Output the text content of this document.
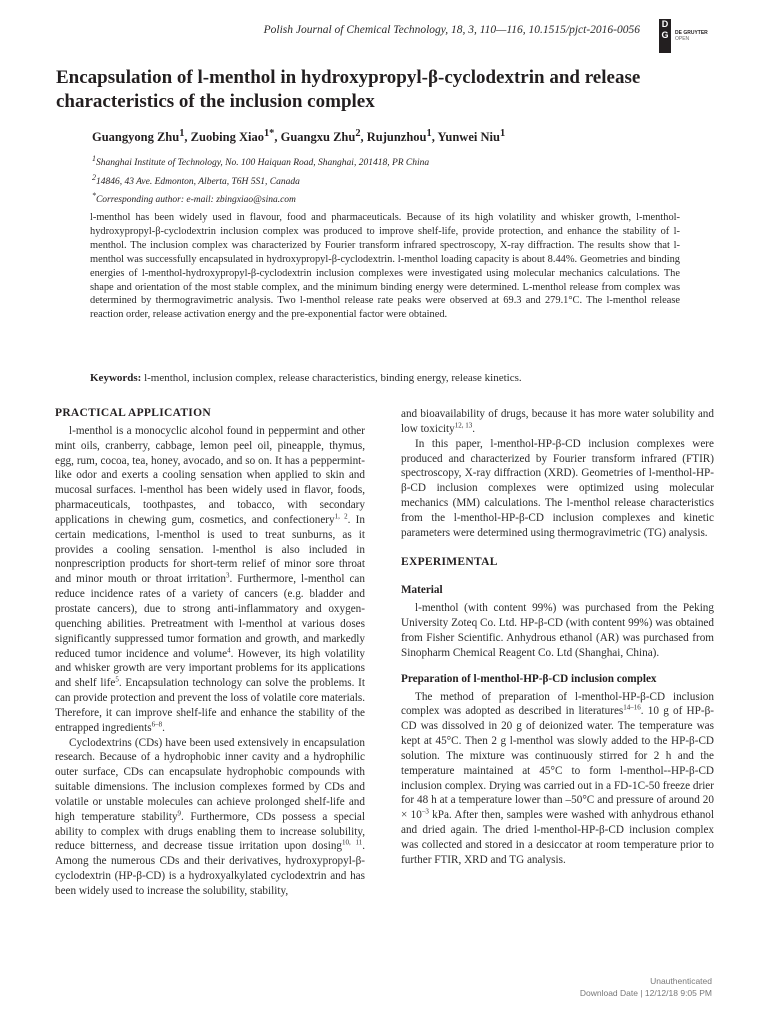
Polish Journal of Chemical Technology, 18, 3, 110—116, 10.1515/pjct-2016-0056	D
G	DE GRUYTER
OPEN
Encapsulation of l-menthol in hydroxypropyl-β-cyclodextrin and release characteristics of the inclusion complex

Guangyong Zhu$^1$, Zuobing Xiao$^{1*}$, Guangxu Zhu$^2$, Rujunzhou$^1$, Yunwei Niu$^1$

$^1$Shanghai Institute of Technology, No. 100 Haiquan Road, Shanghai, 201418, PR China

$^2$14846, 43 Ave. Edmonton, Alberta, T6H 5S1, Canada

*Corresponding author: e-mail: zbingxiao@sina.com

l-menthol has been widely used in flavour, food and pharmaceuticals. Because of its high volatility and whisker growth, l-menthol-hydroxypropyl-β-cyclodextrin inclusion complex was produced to improve shelf-life, provide protection, and enhance the stability of l-menthol. The inclusion complex was characterized by Fourier transform infrared spectroscopy, X-ray diffraction. The results show that l-menthol was successfully encapsulated in hydroxypropyl-β-cyclodextrin. l-menthol loading capacity is about 8.44%. Geometries and binding energies of l-menthol-hydroxypropyl-β-cyclodextrin inclusion complexes were investigated using molecular mechanics calculations. The shape and orientation of the most stable complex, and the minimum binding energy were determined. L-menthol release from complex was determined by thermogravimetric analysis. Two l-menthol release rate peaks were observed at 69.3 and 279.1°C. The l-menthol release reaction order, release activation energy and the pre-exponential factor were obtained.

Keywords: l-menthol, inclusion complex, release characteristics, binding energy, release kinetics.

PRACTICAL APPLICATION

l-menthol is a monocyclic alcohol found in peppermint and other mint oils, cranberry, cabbage, lemon peel oil, pineapple, thymus, egg, rum, cocoa, tea, honey, avocado, and so on. It has a peppermint-like odor and exerts a cooling sensation when applied to skin and mucosal surfaces. l-menthol has been widely used in flavor, foods, pharmaceuticals, toothpastes, and tobacco, with secondary applications in chewing gum, cosmetics, and confectionery$^{1, 2}$. In certain medications, l-menthol is used to treat sunburns, as it provides a cooling sensation. l-menthol is also included in nonprescription products for short-term relief of minor sore throat and minor mouth or throat irritation$^3$. Furthermore, l-menthol can reduce incidence rates of a variety of cancers (e.g. bladder and prostate cancers), due to strong anti-inflammatory and oxygen-quenching abilities. Pretreatment with l-menthol at various doses significantly suppressed tumor formation and growth, and markedly reduced tumor incidence and volume$^4$. However, its high volatility and whisker growth are very important problems for its applications and shelf life$^5$. Encapsulation technology can solve the problems. It can provide protection and prevent the loss of volatile core materials. Therefore, it can improve shelf-life and enhance the stability of the entrapped ingredients$^{6-8}$.

Cyclodextrins (CDs) have been used extensively in encapsulation research. Because of a hydrophobic inner cavity and a hydrophilic outer surface, CDs can encapsulate hydrophobic compounds with suitable dimensions. The inclusion complexes formed by CDs and volatile or unstable molecules can achieve prolonged shelf-life and high temperature stability$^9$. Furthermore, CDs possess a special ability to complex with drugs enabling them to increase solubility, reduce bitterness, and decrease tissue irritation upon dosing$^{10, 11}$. Among the numerous CDs and their derivatives, hydroxypropyl-β-cyclodextrin (HP-β-CD) is a hydroxyalkylated cyclodextrin and has been widely used to increase the solubility, stability,

and bioavailability of drugs, because it has more water solubility and low toxicity$^{12, 13}$.

In this paper, l-menthol-HP-β-CD inclusion complexes were produced and characterized by Fourier transform infrared (FTIR) spectroscopy, X-ray diffraction (XRD). Geometries of l-menthol-HP-β-CD inclusion complexes were optimized using molecular mechanics (MM) calculations. The l-menthol release characteristics from the l-menthol-HP-β-CD inclusion complexes and kinetic parameters were determined using thermogravimetric (TG) analysis.

EXPERIMENTAL
Material

l-menthol (with content 99%) was purchased from the Peking University Zoteq Co. Ltd. HP-β-CD (with content 99%) was obtained from Fisher Scientific. Anhydrous ethanol (AR) was purchased from Sinopharm Chemical Reagent Co. Ltd (Shanghai, China).

Preparation of l-menthol-HP-β-CD inclusion complex

The method of preparation of l-menthol-HP-β-CD inclusion complex was adopted as described in literatures$^{14-16}$. 10 g of HP-β-CD was dissolved in 20 g of deionized water. The temperature was kept at 45°C. Then 2 g l-menthol was slowly added to the HP-β-CD solution. The mixture was continuously stirred for 2 h and the temperature maintained at 45°C to form l-menthol--HP-β-CD inclusion complex. Drying was carried out in a FD-1C-50 freeze drier for 48 h at a temperature lower than –50°C and pressure of around $20 \times 10^{-3}$ kPa. After then, samples were washed with anhydrous ethanol and dried again. The dried l-menthol-HP-β-CD inclusion complex was collected and stored in a desiccator at room temperature prior to further FTIR, XRD and TG analysis.

Unauthenticated

Download Date | 12/12/18 9:05 PM
